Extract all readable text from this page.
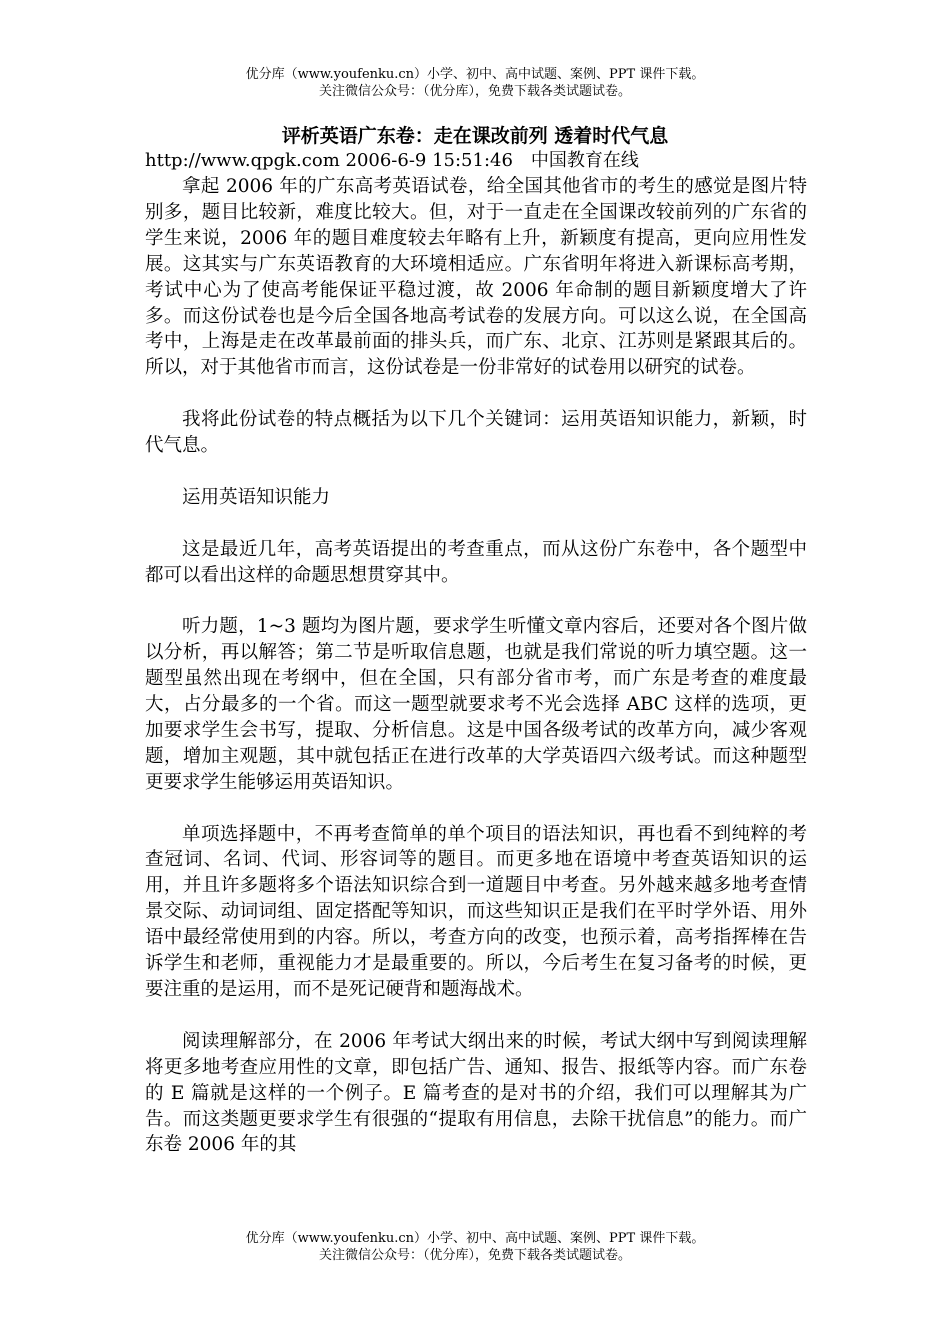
优分库（www.youfenku.cn）小学、初中、高中试题、案例、PPT 课件下载。
关注微信公众号：（优分库），免费下载各类试题试卷。
评析英语广东卷：走在课改前列 透着时代气息
http://www.qpgk.com 2006-6-9 15:51:46　中国教育在线

拿起 2006 年的广东高考英语试卷，给全国其他省市的考生的感觉是图片特别多，题目比较新，难度比较大。但，对于一直走在全国课改较前列的广东省的学生来说，2006 年的题目难度较去年略有上升，新颖度有提高，更向应用性发展。这其实与广东英语教育的大环境相适应。广东省明年将进入新课标高考期，考试中心为了使高考能保证平稳过渡，故 2006 年命制的题目新颖度增大了许多。而这份试卷也是今后全国各地高考试卷的发展方向。可以这么说，在全国高考中，上海是走在改革最前面的排头兵，而广东、北京、江苏则是紧跟其后的。所以，对于其他省市而言，这份试卷是一份非常好的试卷用以研究的试卷。

我将此份试卷的特点概括为以下几个关键词：运用英语知识能力，新颖，时代气息。

运用英语知识能力

这是最近几年，高考英语提出的考查重点，而从这份广东卷中，各个题型中都可以看出这样的命题思想贯穿其中。

听力题，1~3 题均为图片题，要求学生听懂文章内容后，还要对各个图片做以分析，再以解答；第二节是听取信息题，也就是我们常说的听力填空题。这一题型虽然出现在考纲中，但在全国，只有部分省市考，而广东是考查的难度最大，占分最多的一个省。而这一题型就要求考不光会选择 ABC 这样的选项，更加要求学生会书写，提取、分析信息。这是中国各级考试的改革方向，减少客观题，增加主观题，其中就包括正在进行改革的大学英语四六级考试。而这种题型更要求学生能够运用英语知识。

单项选择题中，不再考查简单的单个项目的语法知识，再也看不到纯粹的考查冠词、名词、代词、形容词等的题目。而更多地在语境中考查英语知识的运用，并且许多题将多个语法知识综合到一道题目中考查。另外越来越多地考查情景交际、动词词组、固定搭配等知识，而这些知识正是我们在平时学外语、用外语中最经常使用到的内容。所以，考查方向的改变，也预示着，高考指挥棒在告诉学生和老师，重视能力才是最重要的。所以，今后考生在复习备考的时候，更要注重的是运用，而不是死记硬背和题海战术。

阅读理解部分，在 2006 年考试大纲出来的时候，考试大纲中写到阅读理解将更多地考查应用性的文章，即包括广告、通知、报告、报纸等内容。而广东卷的 E 篇就是这样的一个例子。E 篇考查的是对书的介绍，我们可以理解其为广告。而这类题更要求学生有很强的“提取有用信息，去除干扰信息”的能力。而广东卷 2006 年的其

优分库（www.youfenku.cn）小学、初中、高中试题、案例、PPT 课件下载。
关注微信公众号：（优分库），免费下载各类试题试卷。
